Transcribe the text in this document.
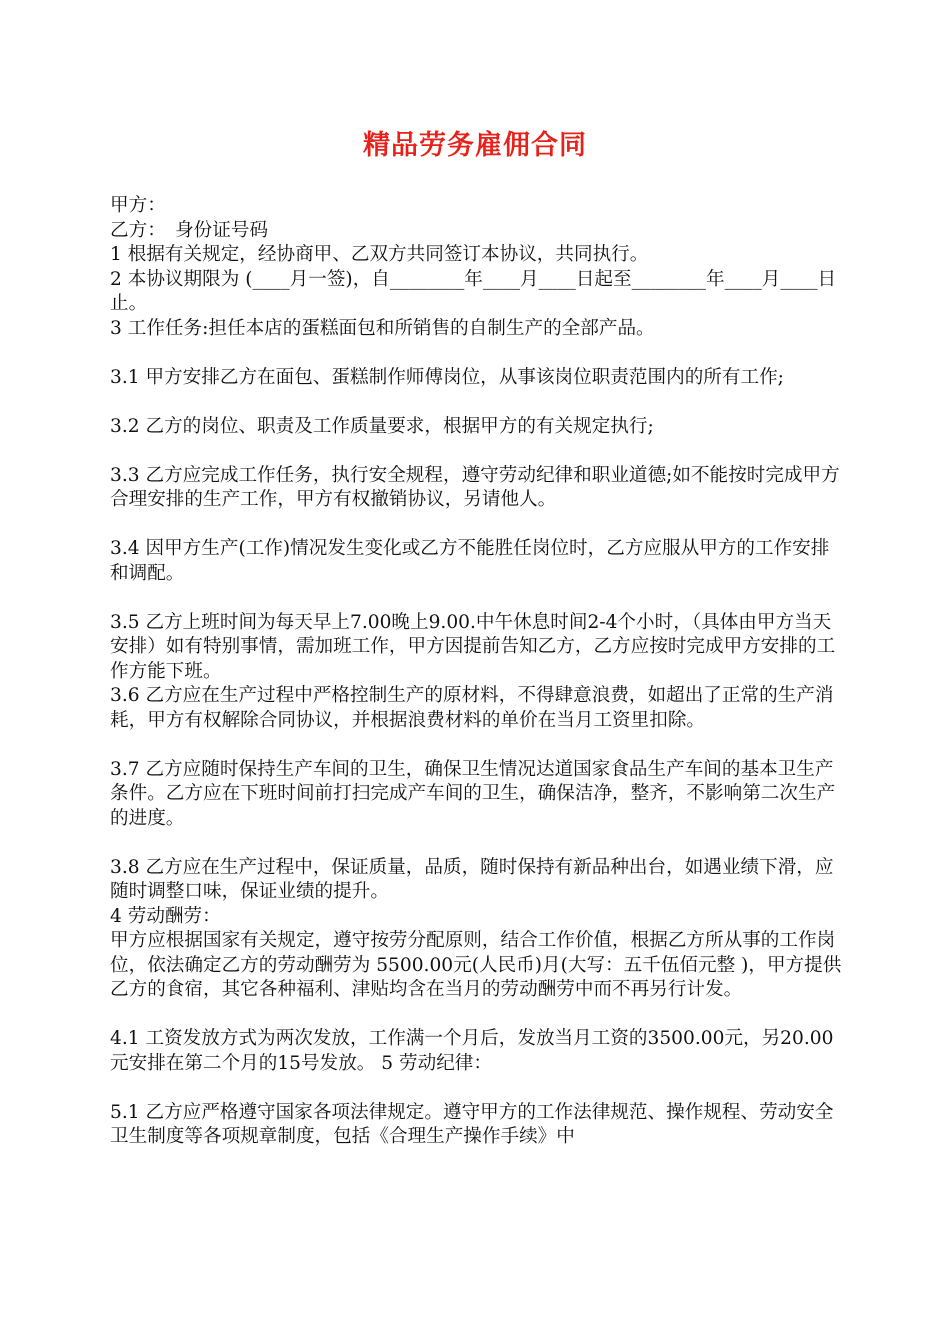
精品劳务雇佣合同

甲方：

乙方：　身份证号码

1 根据有关规定，经协商甲、乙双方共同签订本协议，共同执行。

2 本协议期限为 (____月一签)，自________年____月____日起至________年____月____日止。

3 工作任务:担任本店的蛋糕面包和所销售的自制生产的全部产品。

3.1 甲方安排乙方在面包、蛋糕制作师傅岗位，从事该岗位职责范围内的所有工作;

3.2 乙方的岗位、职责及工作质量要求，根据甲方的有关规定执行;

3.3 乙方应完成工作任务，执行安全规程，遵守劳动纪律和职业道德;如不能按时完成甲方合理安排的生产工作，甲方有权撤销协议，另请他人。

3.4 因甲方生产(工作)情况发生变化或乙方不能胜任岗位时，乙方应服从甲方的工作安排和调配。

3.5 乙方上班时间为每天早上7.00晚上9.00.中午休息时间2-4个小时，（具体由甲方当天安排）如有特别事情，需加班工作，甲方因提前告知乙方，乙方应按时完成甲方安排的工作方能下班。

3.6 乙方应在生产过程中严格控制生产的原材料，不得肆意浪费，如超出了正常的生产消耗，甲方有权解除合同协议，并根据浪费材料的单价在当月工资里扣除。

3.7 乙方应随时保持生产车间的卫生，确保卫生情况达道国家食品生产车间的基本卫生产条件。乙方应在下班时间前打扫完成产车间的卫生，确保洁净，整齐，不影响第二次生产的进度。

3.8 乙方应在生产过程中，保证质量，品质，随时保持有新品种出台，如遇业绩下滑，应随时调整口味，保证业绩的提升。

4 劳动酬劳：

甲方应根据国家有关规定，遵守按劳分配原则，结合工作价值，根据乙方所从事的工作岗位，依法确定乙方的劳动酬劳为 5500.00元(人民币)月(大写：五千伍佰元整 )，甲方提供乙方的食宿，其它各种福利、津贴均含在当月的劳动酬劳中而不再另行计发。

4.1 工资发放方式为两次发放，工作满一个月后，发放当月工资的3500.00元，另20.00元安排在第二个月的15号发放。 5 劳动纪律：

5.1 乙方应严格遵守国家各项法律规定。遵守甲方的工作法律规范、操作规程、劳动安全卫生制度等各项规章制度，包括《合理生产操作手续》中
